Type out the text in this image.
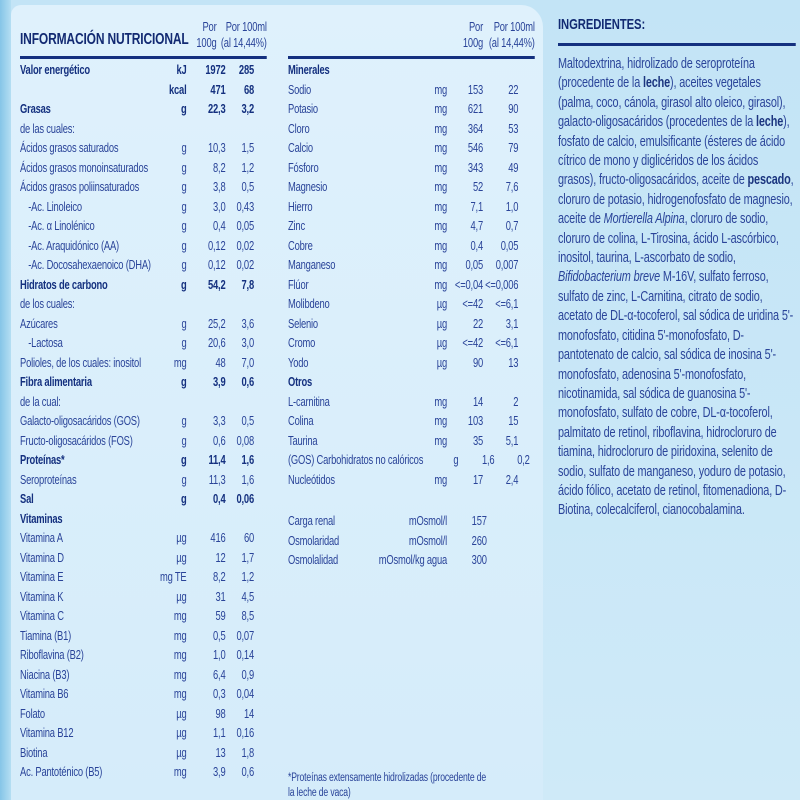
INFORMACIÓN NUTRICIONAL
Por
100g
Por 100ml
(al 14,44%)
Valor energético	kJ	1972	285
kcal	471	68
Grasas	g	22,3	3,2
de las cuales:
Ácidos grasos saturados	g	10,3	1,5
Ácidos grasos monoinsaturados	g	8,2	1,2
Ácidos grasos poliinsaturados	g	3,8	0,5
-Ac. Linoleico	g	3,0 0,43
-Ac. α Linolénico	g	0,4 0,05
-Ac. Araquidónico (AA)	g	0,12 0,02
-Ac. Docosahexaenoico (DHA)	g	0,12 0,02
Hidratos de carbono	g	54,2	7,8
de los cuales:
Azúcares	g	25,2	3,6
-Lactosa	g	20,6	3,0
Polioles, de los cuales: inositol	mg	48	7,0
Fibra alimentaria	g	3,9	0,6
de la cual:
Galacto-oligosacáridos (GOS)	g	3,3	0,5
Fructo-oligosacáridos (FOS)	g	0,6 0,08
Proteínas*	g	11,4	1,6
Seroproteínas	g	11,3	1,6
Sal	g	0,4 0,06
Vitaminas
Vitamina A	µg	416	60
Vitamina D	µg	12	1,7
Vitamina E	mg TE	8,2	1,2
Vitamina K	µg	31	4,5
Vitamina C	mg	59	8,5
Tiamina (B1)	mg	0,5 0,07
Riboflavina (B2)	mg	1,0 0,14
Niacina (B3)	mg	6,4	0,9
Vitamina B6	mg	0,3 0,04
Folato	µg	98	14
Vitamina B12	µg	1,1 0,16
Biotina	µg	13	1,8
Ac. Pantoténico (B5)	mg	3,9	0,6
Por
100g
Por 100ml
(al 14,44%)
Minerales
Sodio	mg	153	22
Potasio	mg	621	90
Cloro	mg	364	53
Calcio	mg	546	79
Fósforo	mg	343	49
Magnesio	mg	52	7,6
Hierro	mg	7,1	1,0
Zinc	mg	4,7	0,7
Cobre	mg	0,4	0,05
Manganeso	mg	0,05	0,007
Flúor	mg <=0,04 <=0,006
Molibdeno	µg	<=42 <=6,1
Selenio	µg	22	3,1
Cromo	µg	<=42 <=6,1
Yodo	µg	90	13
Otros
L-carnitina	mg	14	2
Colina	mg	103	15
Taurina	mg	35	5,1
(GOS) Carbohidratos no calóricos	g	1,6	0,2
Nucleótidos	mg	17	2,4
Carga renal	mOsmol/l	157
Osmolaridad	mOsmol/l	260
Osmolalidad	mOsmol/kg agua	300
*Proteínas extensamente hidrolizadas (procedente de la leche de vaca)
INGREDIENTES:
Maltodextrina, hidrolizado de seroproteína (procedente de la leche), aceites vegetales (palma, coco, cánola, girasol alto oleico, girasol), galacto-oligosacáridos (procedentes de la leche), fosfato de calcio, emulsificante (ésteres de ácido cítrico de mono y diglicéridos de los ácidos grasos), fructo-oligosacáridos, aceite de pescado, cloruro de potasio, hidrogenofosfato de magnesio, aceite de Mortierella Alpina, cloruro de sodio, cloruro de colina, L-Tirosina, ácido L-ascórbico, inositol, taurina, L-ascorbato de sodio, Bifidobacterium breve M-16V, sulfato ferroso, sulfato de zinc, L-Carnitina, citrato de sodio, acetato de DL-α-tocoferol, sal sódica de uridina 5'-monofosfato, citidina 5'-monofosfato, D-pantotenato de calcio, sal sódica de inosina 5'-monofosfato, adenosina 5'-monofosfato, nicotinamida, sal sódica de guanosina 5'-monofosfato, sulfato de cobre, DL-α-tocoferol, palmitato de retinol, riboflavina, hidrocloruro de tiamina, hidrocloruro de piridoxina, selenito de sodio, sulfato de manganeso, yoduro de potasio, ácido fólico, acetato de retinol, fitomenadiona, D-Biotina, colecalciferol, cianocobalamina.
